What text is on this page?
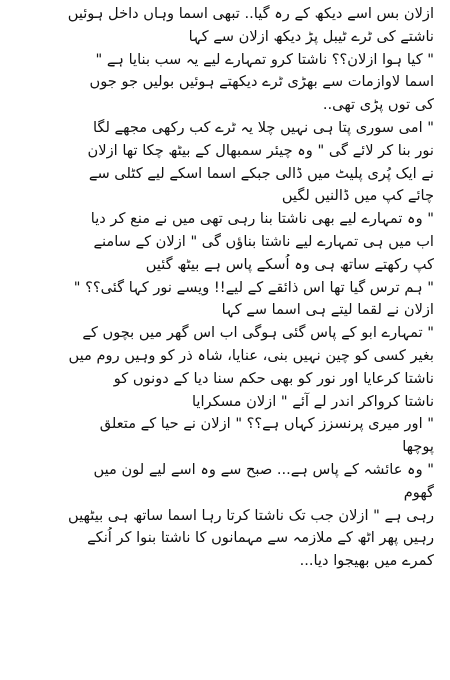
ازلان بس اسے دیکھ کے رہ گیا.. تبھی اسما وہاں داخل ہوئیں
ناشتے کی ٹرے ٹیبل پڑ دیکھ ازلان سے کہا
" کیا ہوا ازلان؟؟ ناشتا کرو تمہارے لیے یہ سب بنایا ہے "
اسما لاوازمات سے بھڑی ٹرے دیکھتے ہوئیں بولیں جو جوں
کی توں پڑی تھی..
" امی سوری پتا ہی نہیں چلا یہ ٹرے کب رکھی مجھے لگا
نور بنا کر لائے گی " وہ چیئر سمبھال کے بیٹھ چکا تھا ازلان
نے ایک پُری پلیٹ میں ڈالی جبکے اسما اسکے لیے کٹلی سے
چائے کپ میں ڈالنیں لگیں
" وہ تمہارے لیے بھی ناشتا بنا رہی تھی میں نے منع کر دیا
اب میں ہی تمہارے لیے ناشتا بناؤں گی " ازلان کے سامنے
کپ رکھتے ساتھ ہی وہ اُسکے پاس ہے بیٹھ گئیں
" ہم ترس گیا تھا اس ذائقے کے لیے!! ویسے نور کہا گئی؟؟ "
ازلان نے لقما لیتے ہی اسما سے کہا
" تمہارے ابو کے پاس گئی ہوگی اب اس گھر میں بچوں کے
بغیر کسی کو چین نہیں بنی، عنایا، شاہ ذر کو وہیں روم میں
ناشتا کرعایا اور نور کو بھی حکم سنا دیا کے دونوں کو
ناشتا کرواکر اندر لے آئے " ازلان مسکرایا
" اور میری پرنسزز کہاں ہے؟؟ " ازلان نے حیا کے متعلق
پوچھا
" وہ عائشہ کے پاس ہے... صبح سے وہ اسے لیے لون میں
گھوم
رہی ہے " ازلان جب تک ناشتا کرتا رہا اسما ساتھ ہی بیٹھیں
رہیں پھر اٹھ کے ملازمہ سے مہمانوں کا ناشتا بنوا کر اُنکے
کمرے میں بھیجوا دیا...
